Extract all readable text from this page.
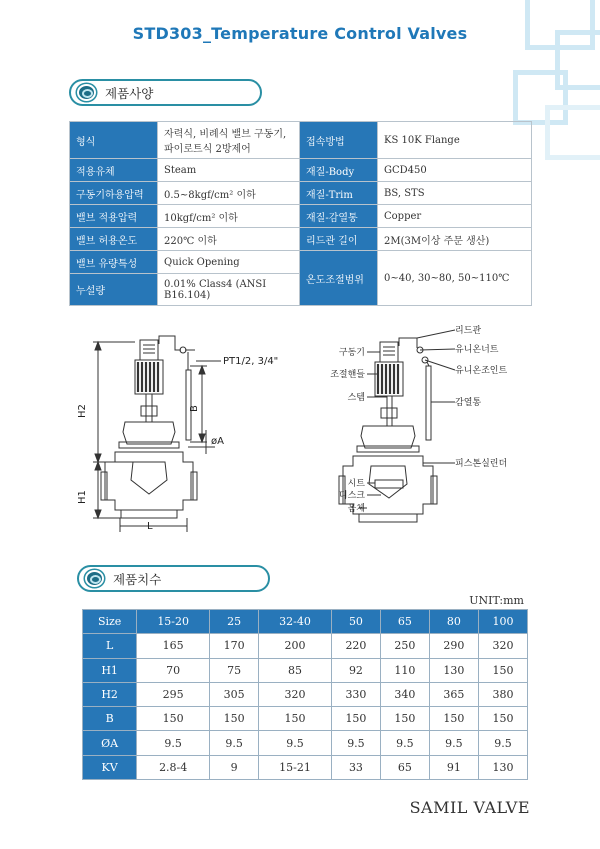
STD303_Temperature Control Valves
제품사양
형식	자력식, 비례식 밸브 구동기, 파이로트식 2방제어	접속방법	KS 10K Flange
적용유체	Steam	재질-Body	GCD450
구동기하용압력	0.5~8kgf/cm² 이하	재질-Trim	BS, STS
밸브 적용압력	10kgf/cm² 이하	재질-감열통	Copper
밸브 허용온도	220℃ 이하	리드관 길이	2M(3M이상 주문 생산)
밸브 유량특성	Quick Opening	온도조절범위	0~40, 30~80, 50~110℃
누설량	0.01% Class4 (ANSI B16.104)		
H2
H1
B
øA
L
PT1/2, 3/4"
리드관
유니온너트
유니온조인트
감열통
피스톤실린더
구동기
조절핸들
스템
시트
디스크
몸체
제품치수
UNIT:mm
Size	15-20	25	32-40	50	65	80	100
L	165	170	200	220	250	290	320
H1	70	75	85	92	110	130	150
H2	295	305	320	330	340	365	380
B	150	150	150	150	150	150	150
ØA	9.5	9.5	9.5	9.5	9.5	9.5	9.5
KV	2.8-4	9	15-21	33	65	91	130
SAMIL VALVE
